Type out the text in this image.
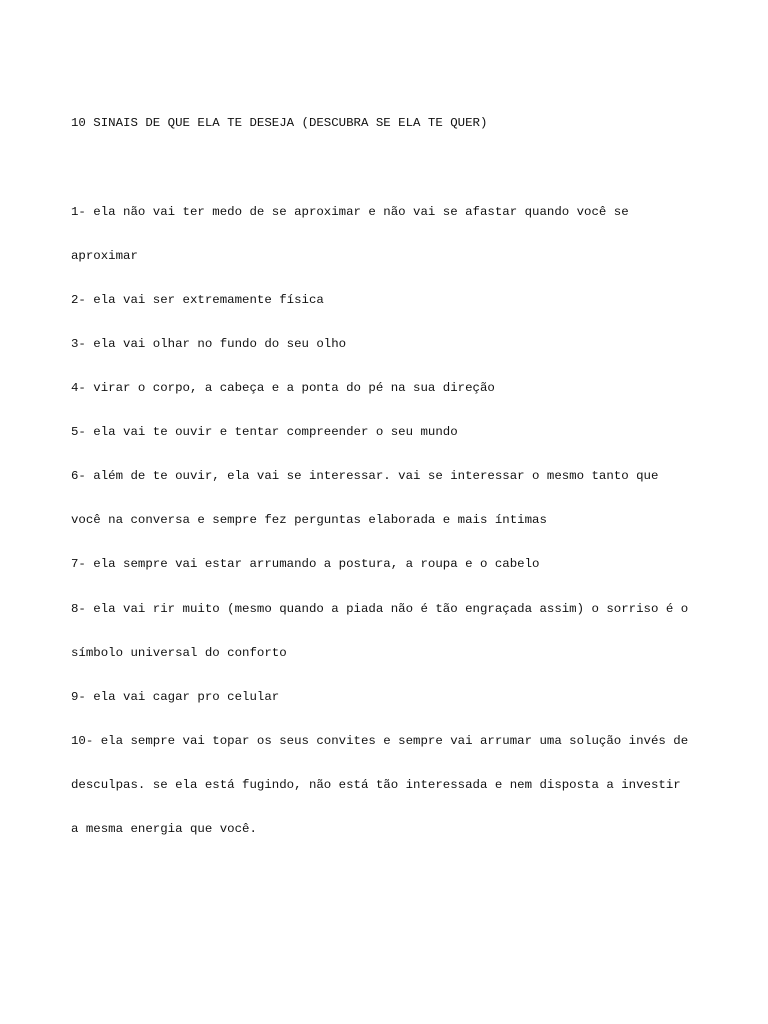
10 SINAIS DE QUE ELA TE DESEJA (DESCUBRA SE ELA TE QUER)

1- ela não vai ter medo de se aproximar e não vai se afastar quando você se

aproximar

2- ela vai ser extremamente física

3- ela vai olhar no fundo do seu olho

4- virar o corpo, a cabeça e a ponta do pé na sua direção

5- ela vai te ouvir e tentar compreender o seu mundo

6- além de te ouvir, ela vai se interessar. vai se interessar o mesmo tanto que

você na conversa e sempre fez perguntas elaborada e mais íntimas

7- ela sempre vai estar arrumando a postura, a roupa e o cabelo

8- ela vai rir muito (mesmo quando a piada não é tão engraçada assim) o sorriso é o

símbolo universal do conforto

9- ela vai cagar pro celular

10- ela sempre vai topar os seus convites e sempre vai arrumar uma solução invés de

desculpas. se ela está fugindo, não está tão interessada e nem disposta a investir

a mesma energia que você.
